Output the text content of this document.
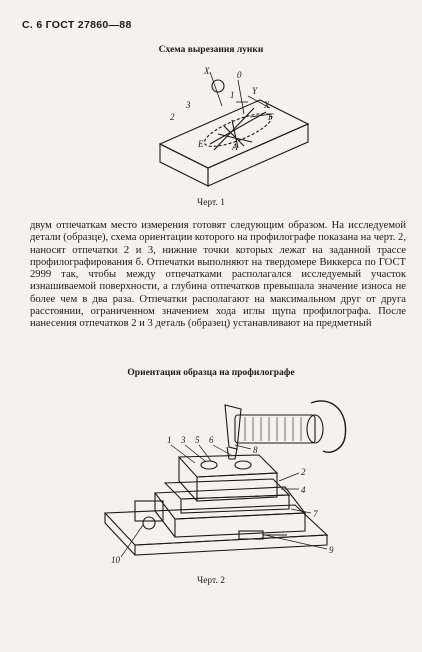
С. 6 ГОСТ 27860—88
Схема вырезания лунки
X	0
1 Y
X
3
F
2
E	A
Черт. 1
двум отпечаткам место измерения готовят следующим образом. На исследуемой детали (образце), схема ориентации которого на профилографе показана на черт. 2, наносят отпечатки 2 и 3, нижние точки которых лежат на заданной трассе профилографирования б. Отпечатки выполняют на твердомере Виккерса по ГОСТ 2999 так, чтобы между отпечатками располагался исследуемый участок изнашиваемой поверхности, а глубина отпечатков превышала значение износа не более чем в два раза. Отпечатки располагают на максимальном друг от друга расстоянии, ограниченном значением хода иглы щупа профилографа. После нанесения отпечатков 2 и 3 деталь (образец) устанавливают на предметный
Ориентация образца на профилографе
1 3 5 6
8
2
4
7
9
10
Черт. 2
